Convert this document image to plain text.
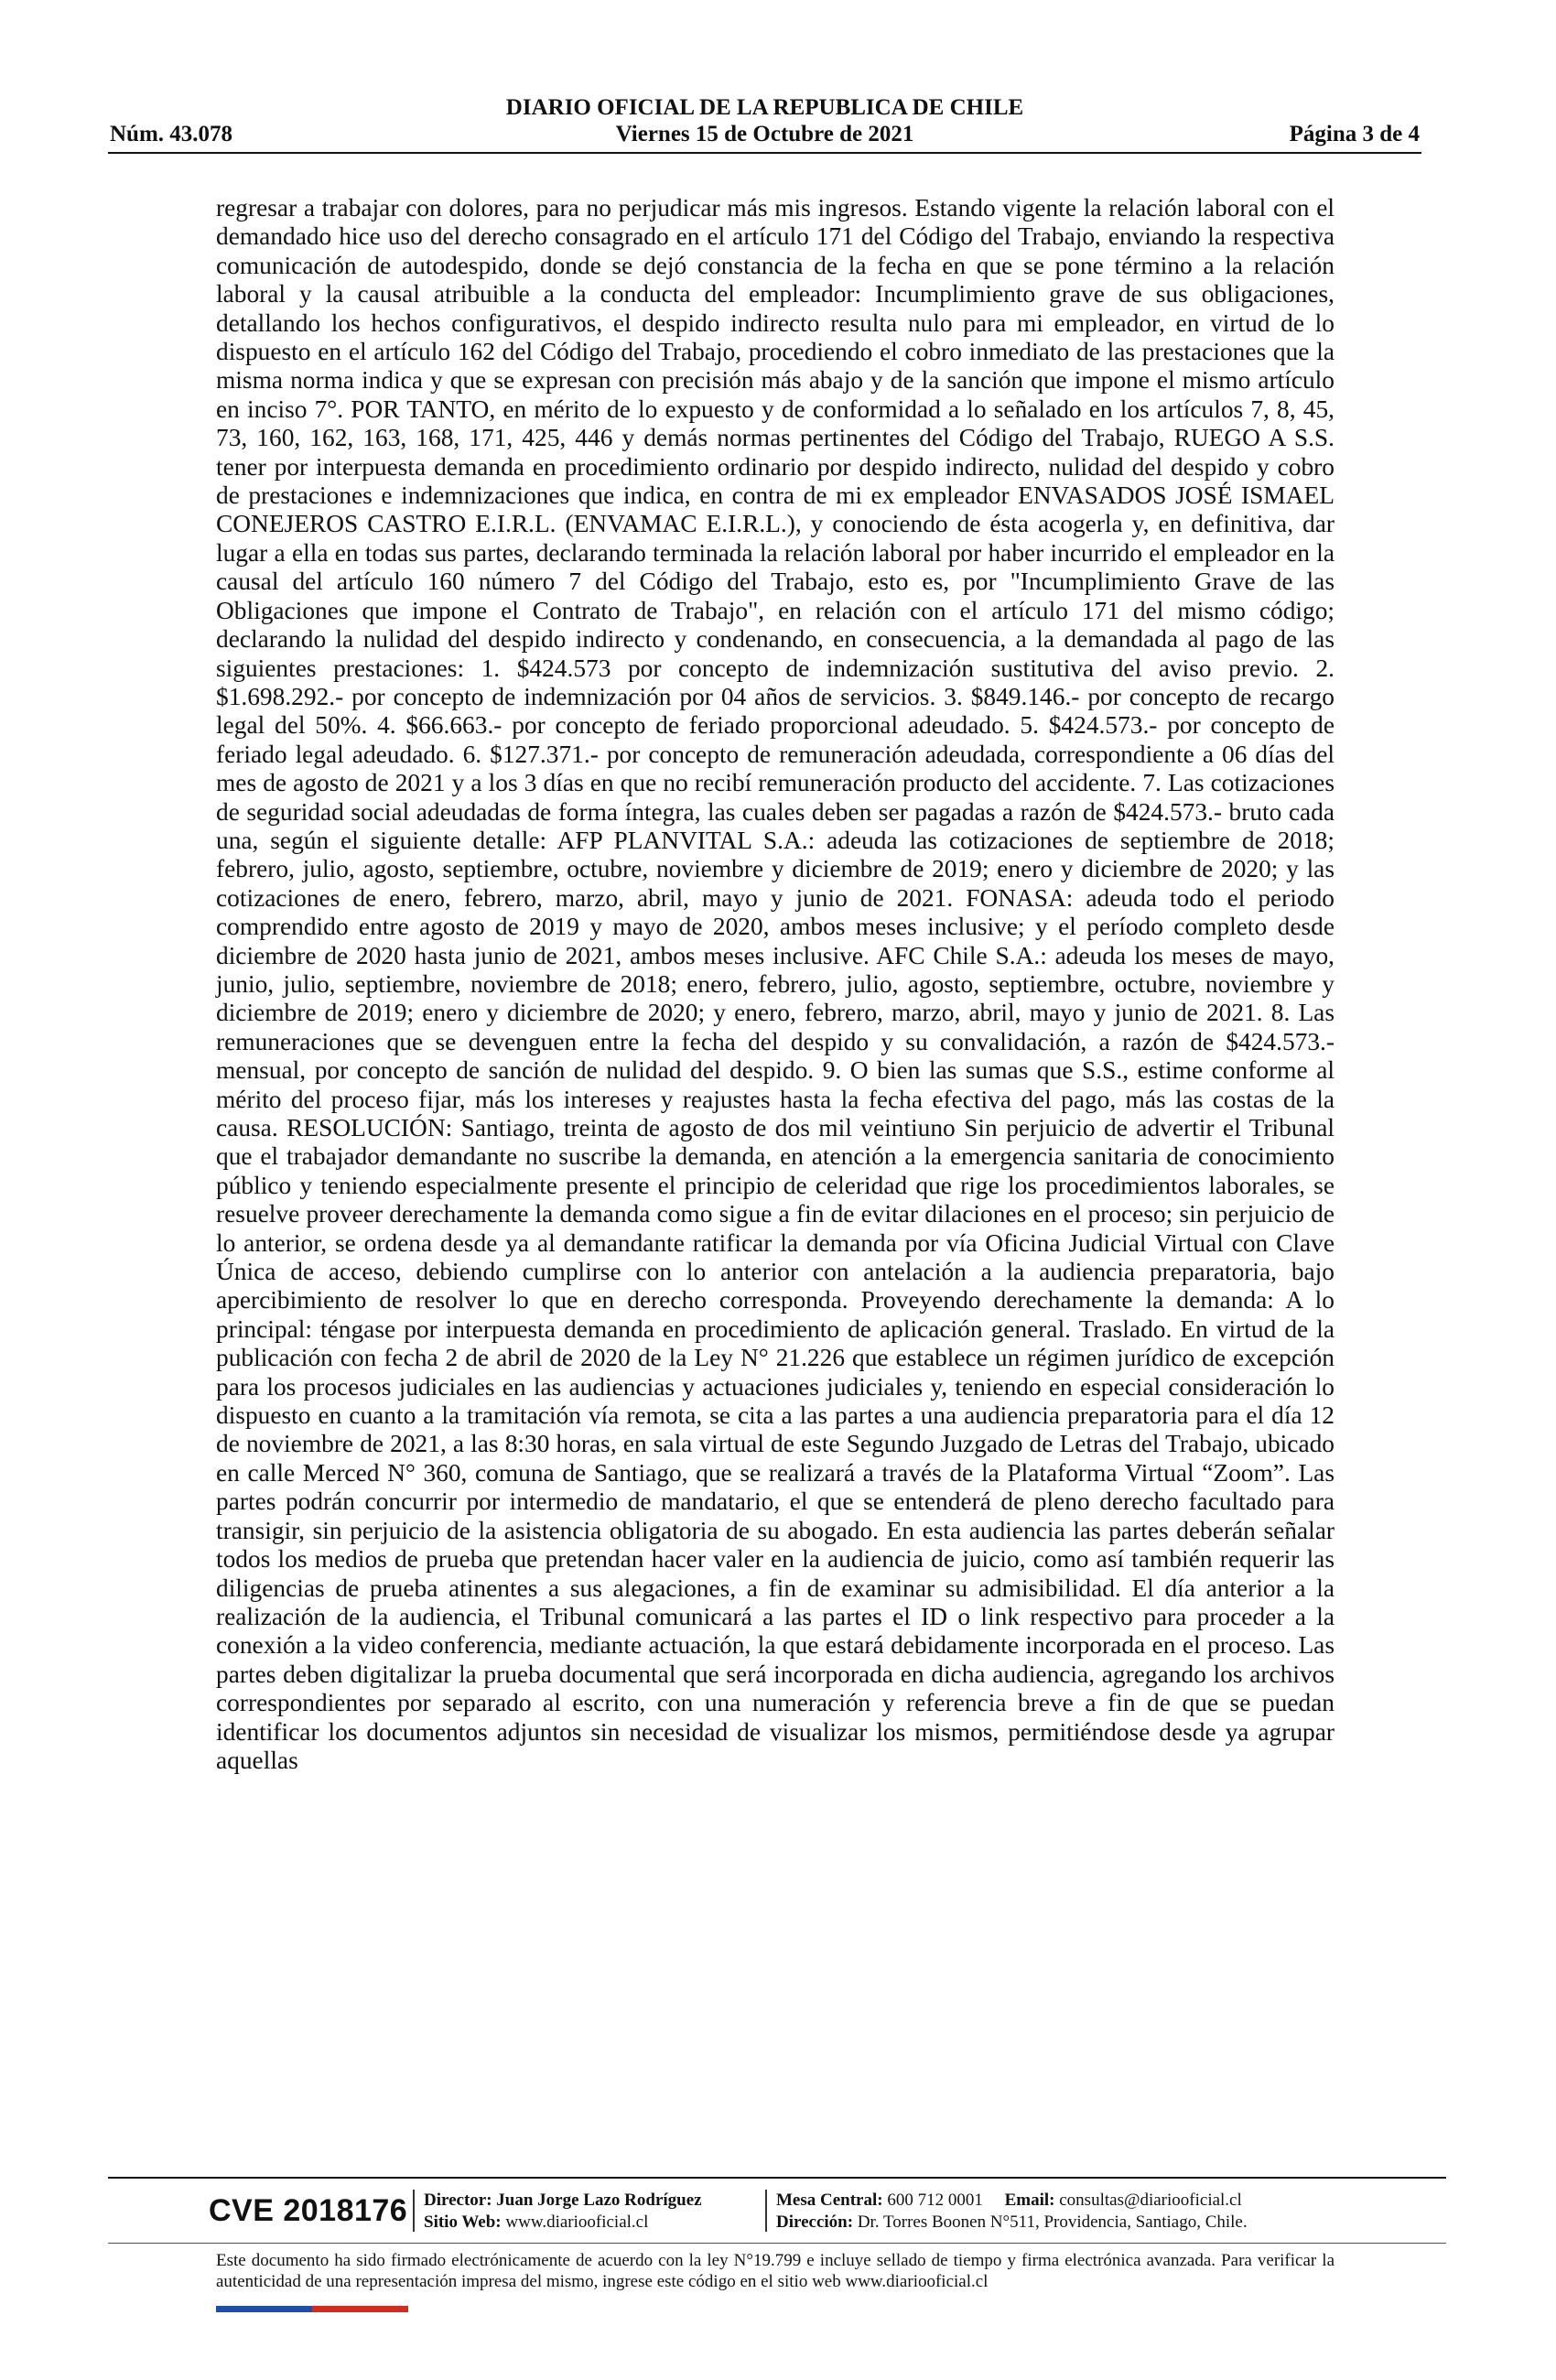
DIARIO OFICIAL DE LA REPUBLICA DE CHILE
Núm. 43.078	Viernes 15 de Octubre de 2021	Página 3 de 4

regresar a trabajar con dolores, para no perjudicar más mis ingresos. Estando vigente la relación laboral con el demandado hice uso del derecho consagrado en el artículo 171 del Código del Trabajo, enviando la respectiva comunicación de autodespido, donde se dejó constancia de la fecha en que se pone término a la relación laboral y la causal atribuible a la conducta del empleador: Incumplimiento grave de sus obligaciones, detallando los hechos configurativos, el despido indirecto resulta nulo para mi empleador, en virtud de lo dispuesto en el artículo 162 del Código del Trabajo, procediendo el cobro inmediato de las prestaciones que la misma norma indica y que se expresan con precisión más abajo y de la sanción que impone el mismo artículo en inciso 7°. POR TANTO, en mérito de lo expuesto y de conformidad a lo señalado en los artículos 7, 8, 45, 73, 160, 162, 163, 168, 171, 425, 446 y demás normas pertinentes del Código del Trabajo, RUEGO A S.S. tener por interpuesta demanda en procedimiento ordinario por despido indirecto, nulidad del despido y cobro de prestaciones e indemnizaciones que indica, en contra de mi ex empleador ENVASADOS JOSÉ ISMAEL CONEJEROS CASTRO E.I.R.L. (ENVAMAC E.I.R.L.), y conociendo de ésta acogerla y, en definitiva, dar lugar a ella en todas sus partes, declarando terminada la relación laboral por haber incurrido el empleador en la causal del artículo 160 número 7 del Código del Trabajo, esto es, por "Incumplimiento Grave de las Obligaciones que impone el Contrato de Trabajo", en relación con el artículo 171 del mismo código; declarando la nulidad del despido indirecto y condenando, en consecuencia, a la demandada al pago de las siguientes prestaciones: 1. $424.573 por concepto de indemnización sustitutiva del aviso previo. 2. $1.698.292.- por concepto de indemnización por 04 años de servicios. 3. $849.146.- por concepto de recargo legal del 50%. 4. $66.663.- por concepto de feriado proporcional adeudado. 5. $424.573.- por concepto de feriado legal adeudado. 6. $127.371.- por concepto de remuneración adeudada, correspondiente a 06 días del mes de agosto de 2021 y a los 3 días en que no recibí remuneración producto del accidente. 7. Las cotizaciones de seguridad social adeudadas de forma íntegra, las cuales deben ser pagadas a razón de $424.573.- bruto cada una, según el siguiente detalle: AFP PLANVITAL S.A.: adeuda las cotizaciones de septiembre de 2018; febrero, julio, agosto, septiembre, octubre, noviembre y diciembre de 2019; enero y diciembre de 2020; y las cotizaciones de enero, febrero, marzo, abril, mayo y junio de 2021. FONASA: adeuda todo el periodo comprendido entre agosto de 2019 y mayo de 2020, ambos meses inclusive; y el período completo desde diciembre de 2020 hasta junio de 2021, ambos meses inclusive. AFC Chile S.A.: adeuda los meses de mayo, junio, julio, septiembre, noviembre de 2018; enero, febrero, julio, agosto, septiembre, octubre, noviembre y diciembre de 2019; enero y diciembre de 2020; y enero, febrero, marzo, abril, mayo y junio de 2021. 8. Las remuneraciones que se devenguen entre la fecha del despido y su convalidación, a razón de $424.573.- mensual, por concepto de sanción de nulidad del despido. 9. O bien las sumas que S.S., estime conforme al mérito del proceso fijar, más los intereses y reajustes hasta la fecha efectiva del pago, más las costas de la causa. RESOLUCIÓN: Santiago, treinta de agosto de dos mil veintiuno Sin perjuicio de advertir el Tribunal que el trabajador demandante no suscribe la demanda, en atención a la emergencia sanitaria de conocimiento público y teniendo especialmente presente el principio de celeridad que rige los procedimientos laborales, se resuelve proveer derechamente la demanda como sigue a fin de evitar dilaciones en el proceso; sin perjuicio de lo anterior, se ordena desde ya al demandante ratificar la demanda por vía Oficina Judicial Virtual con Clave Única de acceso, debiendo cumplirse con lo anterior con antelación a la audiencia preparatoria, bajo apercibimiento de resolver lo que en derecho corresponda. Proveyendo derechamente la demanda: A lo principal: téngase por interpuesta demanda en procedimiento de aplicación general. Traslado. En virtud de la publicación con fecha 2 de abril de 2020 de la Ley N° 21.226 que establece un régimen jurídico de excepción para los procesos judiciales en las audiencias y actuaciones judiciales y, teniendo en especial consideración lo dispuesto en cuanto a la tramitación vía remota, se cita a las partes a una audiencia preparatoria para el día 12 de noviembre de 2021, a las 8:30 horas, en sala virtual de este Segundo Juzgado de Letras del Trabajo, ubicado en calle Merced N° 360, comuna de Santiago, que se realizará a través de la Plataforma Virtual “Zoom”. Las partes podrán concurrir por intermedio de mandatario, el que se entenderá de pleno derecho facultado para transigir, sin perjuicio de la asistencia obligatoria de su abogado. En esta audiencia las partes deberán señalar todos los medios de prueba que pretendan hacer valer en la audiencia de juicio, como así también requerir las diligencias de prueba atinentes a sus alegaciones, a fin de examinar su admisibilidad. El día anterior a la realización de la audiencia, el Tribunal comunicará a las partes el ID o link respectivo para proceder a la conexión a la video conferencia, mediante actuación, la que estará debidamente incorporada en el proceso. Las partes deben digitalizar la prueba documental que será incorporada en dicha audiencia, agregando los archivos correspondientes por separado al escrito, con una numeración y referencia breve a fin de que se puedan identificar los documentos adjuntos sin necesidad de visualizar los mismos, permitiéndose desde ya agrupar aquellas

CVE 2018176 Director: Juan Jorge Lazo Rodríguez
Sitio Web: www.diariooficial.cl
Mesa Central: 600 712 0001 Email: consultas@diariooficial.cl
Dirección: Dr. Torres Boonen N°511, Providencia, Santiago, Chile.
Este documento ha sido firmado electrónicamente de acuerdo con la ley N°19.799 e incluye sellado de tiempo y firma electrónica avanzada. Para verificar la autenticidad de una representación impresa del mismo, ingrese este código en el sitio web www.diariooficial.cl
